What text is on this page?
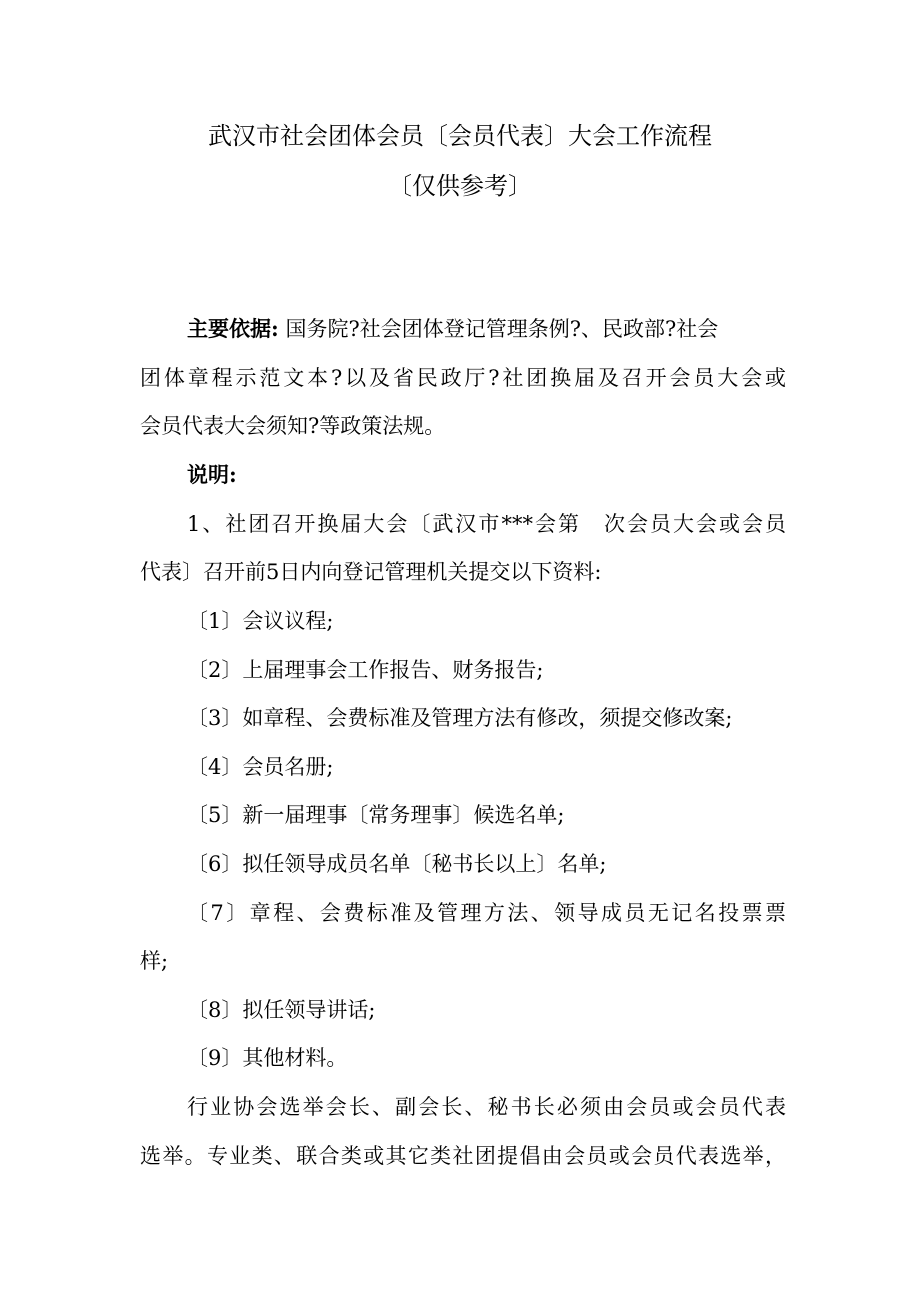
武汉市社会团体会员〔会员代表〕大会工作流程
〔仅供参考〕
主要依据: 国务院?社会团体登记管理条例?、民政部?社会
团体章程示范文本?以及省民政厅?社团换届及召开会员大会或
会员代表大会须知?等政策法规。
说明:
1、社团召开换届大会〔武汉市***会第　次会员大会或会员
代表〕召开前5日内向登记管理机关提交以下资料:
〔1〕会议议程;
〔2〕上届理事会工作报告、财务报告;
〔3〕如章程、会费标准及管理方法有修改，须提交修改案;
〔4〕会员名册;
〔5〕新一届理事〔常务理事〕候选名单;
〔6〕拟任领导成员名单〔秘书长以上〕名单;
〔7〕章程、会费标准及管理方法、领导成员无记名投票票
样;
〔8〕拟任领导讲话;
〔9〕其他材料。
行业协会选举会长、副会长、秘书长必须由会员或会员代表
选举。专业类、联合类或其它类社团提倡由会员或会员代表选举，
